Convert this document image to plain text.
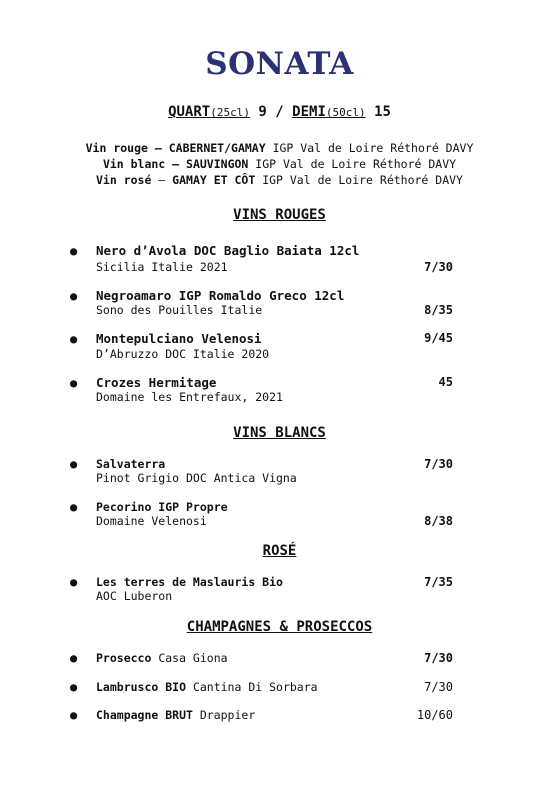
SONATA
QUART(25cl) 9 / DEMI(50cl) 15
Vin rouge – CABERNET/GAMAY IGP Val de Loire Réthoré DAVY
Vin blanc – SAUVINGON IGP Val de Loire Réthoré DAVY
Vin rosé – GAMAY ET CÔT IGP Val de Loire Réthoré DAVY
VINS ROUGES
● Nero d’Avola DOC Baglio Baiata 12cl
Sicilia Italie 2021	7/30
● Negroamaro IGP Romaldo Greco 12cl
Sono des Pouilles Italie	8/35
● Montepulciano Velenosi	9/45
D’Abruzzo DOC Italie 2020
● Crozes Hermitage	45
Domaine les Entrefaux, 2021
VINS BLANCS
● Salvaterra	7/30
Pinot Grigio DOC Antica Vigna
● Pecorino IGP Propre
Domaine Velenosi	8/38
ROSÉ
● Les terres de Maslauris Bio	7/35
AOC Luberon
CHAMPAGNES & PROSECCOS
● Prosecco Casa Giona	7/30
● Lambrusco BIO Cantina Di Sorbara	7/30
● Champagne BRUT Drappier	10/60
